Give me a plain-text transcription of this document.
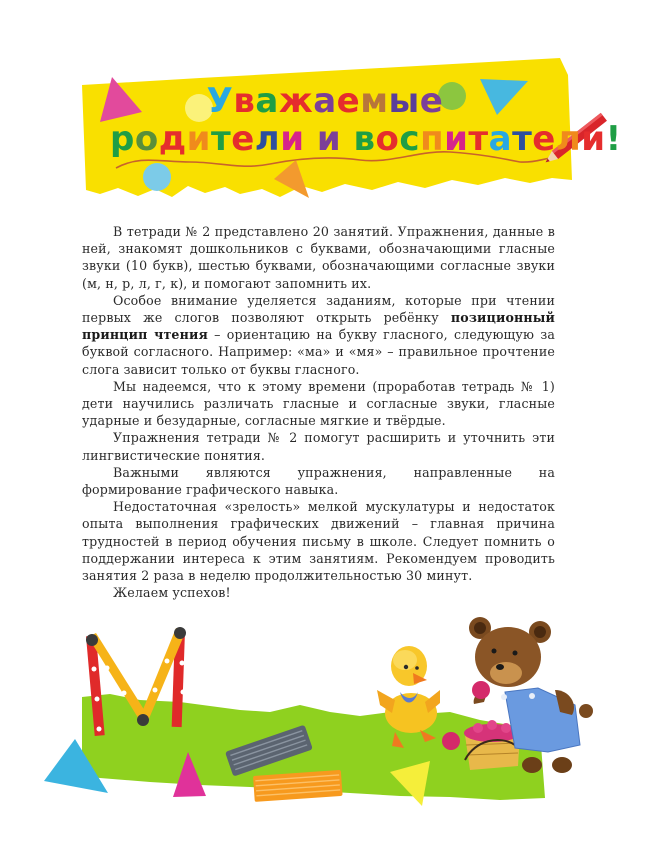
Уважаемые
родители и воспитатели!

В тетради № 2 представлено 20 занятий. Упражнения, данные в ней, знакомят дошкольников с буквами, обозначающими гласные звуки (10 букв), шестью буквами, обозначающими согласные звуки (м, н, р, л, г, к), и помогают запомнить их.

Особое внимание уделяется заданиям, которые при чтении первых же слогов позволяют открыть ребёнку позиционный принцип чтения – ориентацию на букву гласного, следующую за буквой согласного. Например: «ма» и «мя» – правильное прочтение слога зависит только от буквы гласного.

Мы надеемся, что к этому времени (проработав тетрадь № 1) дети научились различать гласные и согласные звуки, гласные ударные и безударные, согласные мягкие и твёрдые.

Упражнения тетради № 2 помогут расширить и уточнить эти лингвистические понятия.

Важными являются упражнения, направленные на формирование графического навыка.

Недостаточная «зрелость» мелкой мускулатуры и недостаток опыта выполнения графических движений – главная причина трудностей в период обучения письму в школе. Следует помнить о поддержании интереса к этим занятиям. Рекомендуем проводить занятия 2 раза в неделю продолжительностью 30 минут.

Желаем успехов!
